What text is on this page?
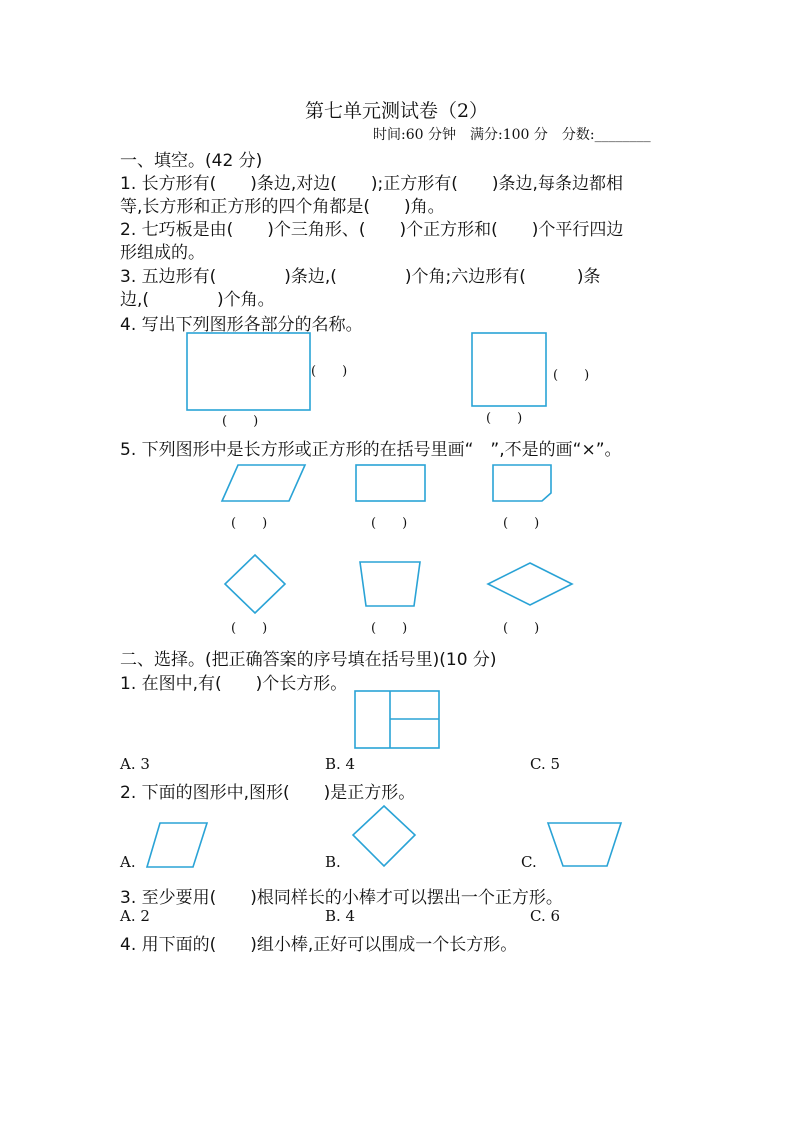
第七单元测试卷（2）
时间:60 分钟　满分:100 分　分数:________
一、填空。(42 分)
1. 长方形有(　　)条边,对边(　　);正方形有(　　)条边,每条边都相
等,长方形和正方形的四个角都是(　　)角。
2. 七巧板是由(　　)个三角形、(　　)个正方形和(　　)个平行四边
形组成的。
3. 五边形有(　　　　)条边,(　　　　)个角;六边形有(　　　)条
边,(　　　　)个角。
4. 写出下列图形各部分的名称。
(　　)
(　　)
(　　)
(　　)
5. 下列图形中是长方形或正方形的在括号里画“　”,不是的画“×”。
(　　)	(　　)	(　　)
(　　)	(　　)	(　　)
二、选择。(把正确答案的序号填在括号里)(10 分)
1. 在图中,有(　　)个长方形。
A. 3	B. 4	C. 5
2. 下面的图形中,图形(　　)是正方形。
A.	B.	C.
3. 至少要用(　　)根同样长的小棒才可以摆出一个正方形。
A. 2	B. 4	C. 6
4. 用下面的(　　)组小棒,正好可以围成一个长方形。
